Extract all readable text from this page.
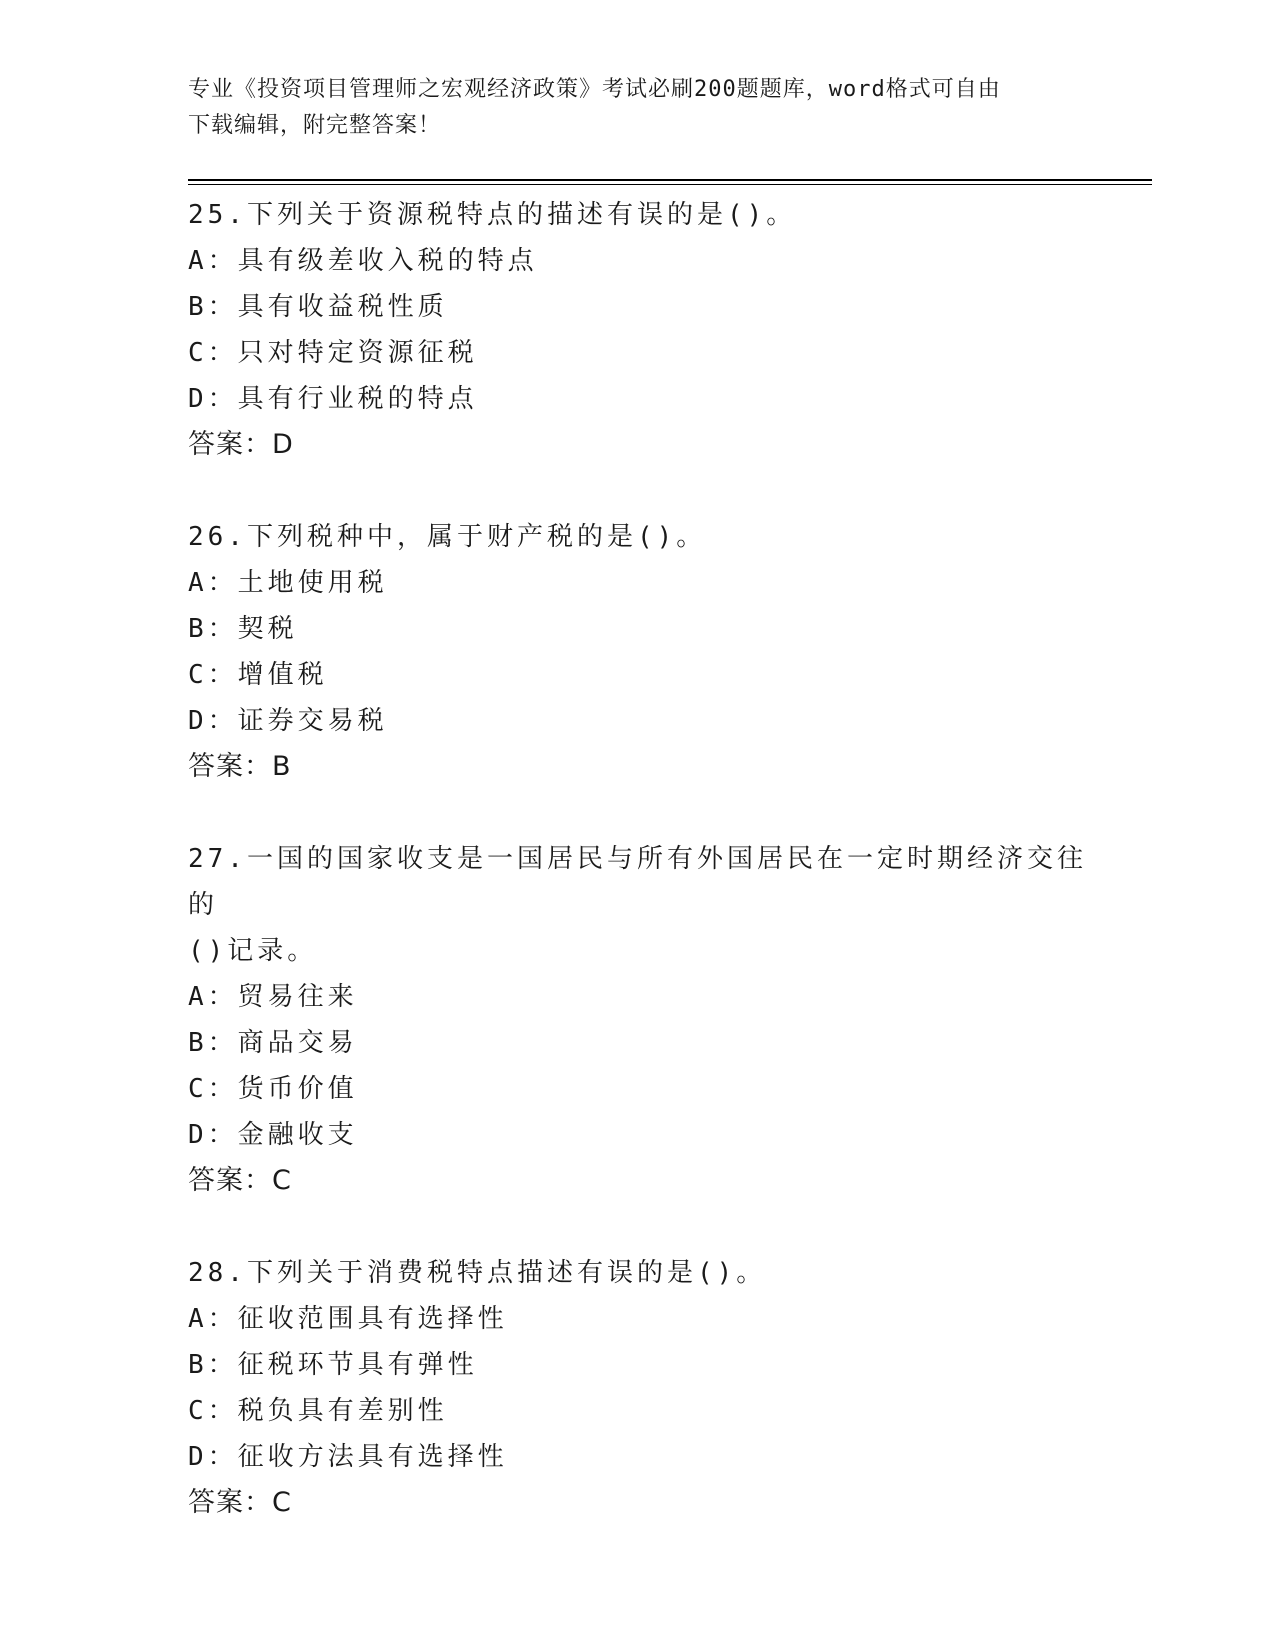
专业《投资项目管理师之宏观经济政策》考试必刷200题题库，word格式可自由
下载编辑，附完整答案！
25.下列关于资源税特点的描述有误的是()。
A：具有级差收入税的特点
B：具有收益税性质
C：只对特定资源征税
D：具有行业税的特点
答案：D
26.下列税种中，属于财产税的是()。
A：土地使用税
B：契税
C：增值税
D：证券交易税
答案：B
27.一国的国家收支是一国居民与所有外国居民在一定时期经济交往的
()记录。
A：贸易往来
B：商品交易
C：货币价值
D：金融收支
答案：C
28.下列关于消费税特点描述有误的是()。
A：征收范围具有选择性
B：征税环节具有弹性
C：税负具有差别性
D：征收方法具有选择性
答案：C
